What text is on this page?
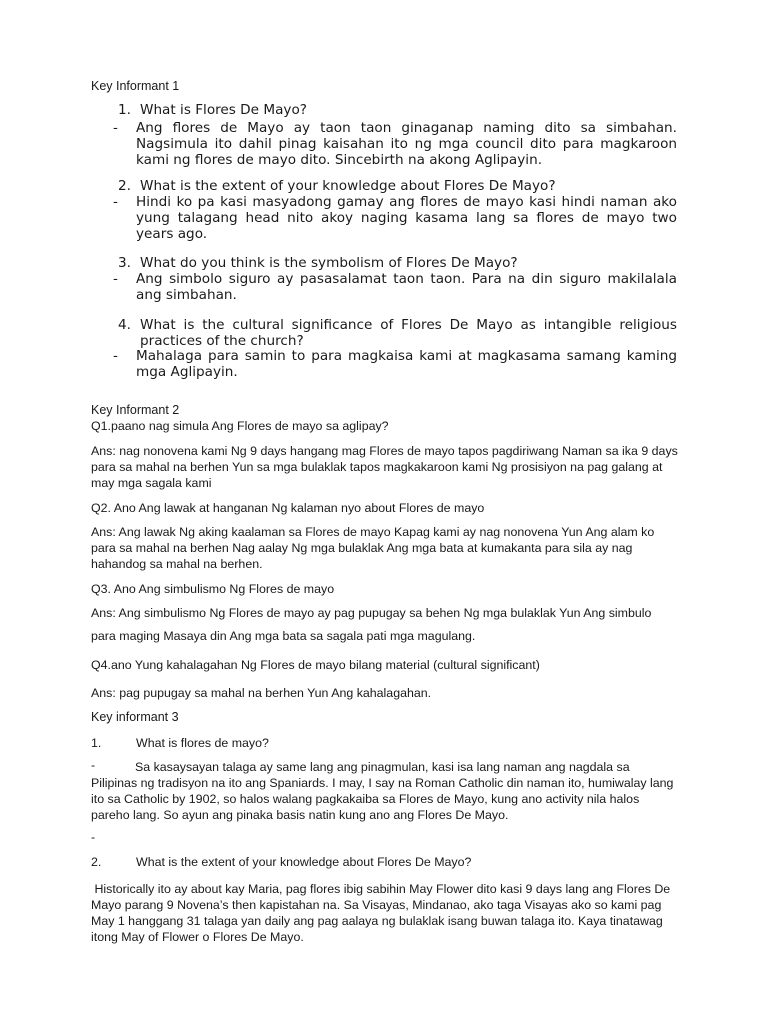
Key Informant 1
1. What is Flores De Mayo?
- Ang flores de Mayo ay taon taon ginaganap naming dito sa simbahan. Nagsimula ito dahil pinag kaisahan ito ng mga council dito para magkaroon kami ng flores de mayo dito. Sincebirth na akong Aglipayin.
2. What is the extent of your knowledge about Flores De Mayo?
- Hindi ko pa kasi masyadong gamay ang flores de mayo kasi hindi naman ako yung talagang head nito akoy naging kasama lang sa flores de mayo two years ago.
3. What do you think is the symbolism of Flores De Mayo?
- Ang simbolo siguro ay pasasalamat taon taon. Para na din siguro makilalala ang simbahan.
4. What is the cultural significance of Flores De Mayo as intangible religious practices of the church?
- Mahalaga para samin to para magkaisa kami at magkasama samang kaming mga Aglipayin.
Key Informant 2
Q1.paano nag simula Ang Flores de mayo sa aglipay?
Ans: nag nonovena kami Ng 9 days hangang mag Flores de mayo tapos pagdiriwang Naman sa ika 9 days para sa mahal na berhen Yun sa mga bulaklak tapos magkakaroon kami Ng prosisiyon na pag galang at may mga sagala kami
Q2. Ano Ang lawak at hanganan Ng kalaman nyo about Flores de mayo
Ans: Ang lawak Ng aking kaalaman sa Flores de mayo Kapag kami ay nag nonovena Yun Ang alam ko para sa mahal na berhen Nag aalay Ng mga bulaklak Ang mga bata at kumakanta para sila ay nag hahandog sa mahal na berhen.
Q3. Ano Ang simbulismo Ng Flores de mayo
Ans: Ang simbulismo Ng Flores de mayo ay pag pupugay sa behen Ng mga bulaklak Yun Ang simbulo
para maging Masaya din Ang mga bata sa sagala pati mga magulang.
Q4.ano Yung kahalagahan Ng Flores de mayo bilang material (cultural significant)
Ans: pag pupugay sa mahal na berhen Yun Ang kahalagahan.
Key informant 3
1.	What is flores de mayo?
-	Sa kasaysayan talaga ay same lang ang pinagmulan, kasi isa lang naman ang nagdala sa Pilipinas ng tradisyon na ito ang Spaniards. I may, I say na Roman Catholic din naman ito, humiwalay lang ito sa Catholic by 1902, so halos walang pagkakaiba sa Flores de Mayo, kung ano activity nila halos pareho lang. So ayun ang pinaka basis natin kung ano ang Flores De Mayo.
-
2.	What is the extent of your knowledge about Flores De Mayo?
Historically ito ay about kay Maria, pag flores ibig sabihin May Flower dito kasi 9 days lang ang Flores De Mayo parang 9 Novena’s then kapistahan na. Sa Visayas, Mindanao, ako taga Visayas ako so kami pag May 1 hanggang 31 talaga yan daily ang pag aalaya ng bulaklak isang buwan talaga ito. Kaya tinatawag itong May of Flower o Flores De Mayo.
